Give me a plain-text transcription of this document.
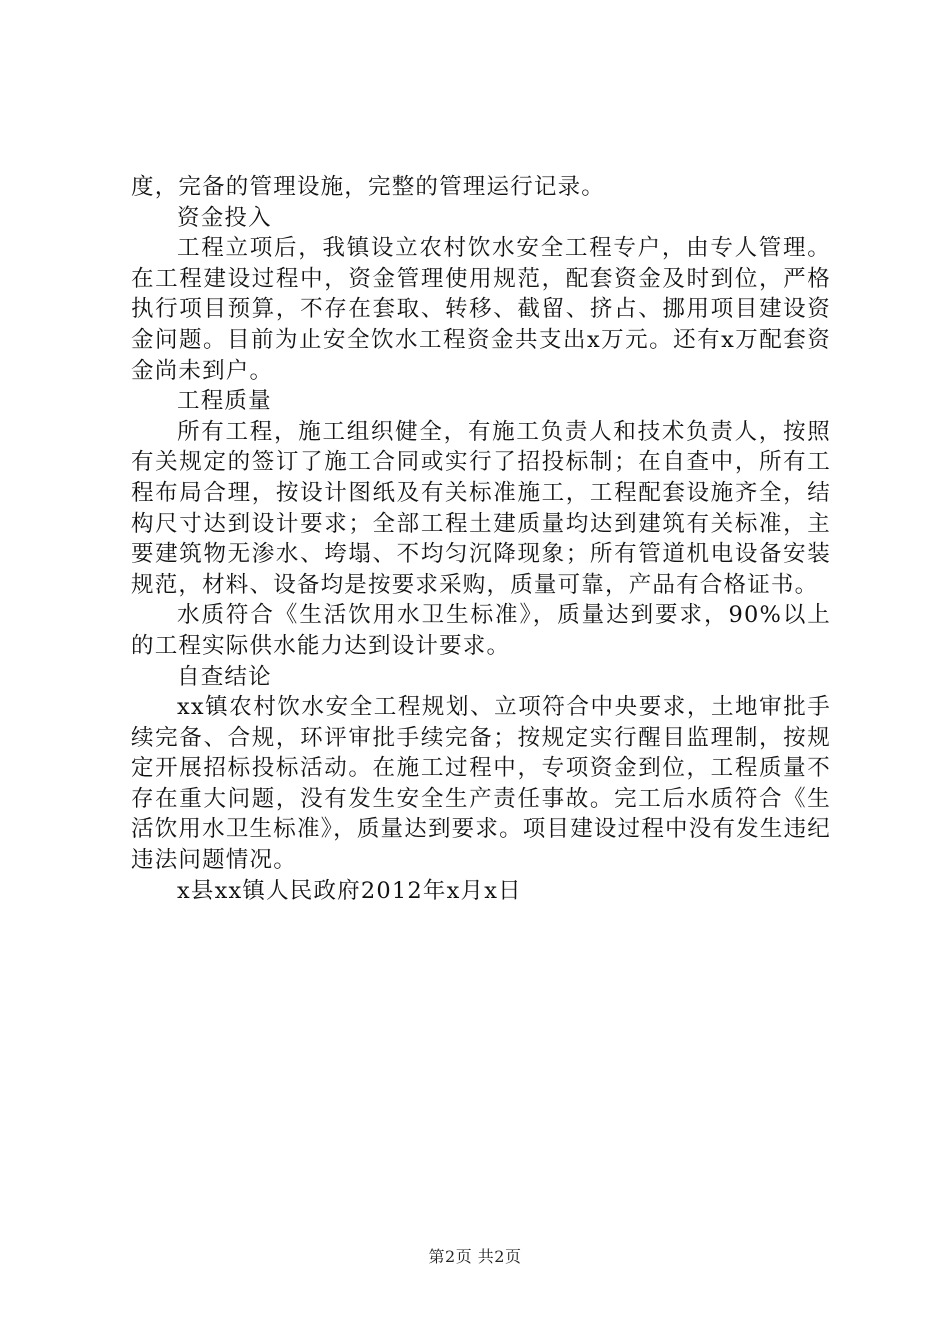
度，完备的管理设施，完整的管理运行记录。

资金投入

工程立项后，我镇设立农村饮水安全工程专户，由专人管理。在工程建设过程中，资金管理使用规范，配套资金及时到位，严格执行项目预算，不存在套取、转移、截留、挤占、挪用项目建设资金问题。目前为止安全饮水工程资金共支出x万元。还有x万配套资金尚未到户。

工程质量

所有工程，施工组织健全，有施工负责人和技术负责人，按照有关规定的签订了施工合同或实行了招投标制；在自查中，所有工程布局合理，按设计图纸及有关标准施工，工程配套设施齐全，结构尺寸达到设计要求；全部工程土建质量均达到建筑有关标准，主要建筑物无渗水、垮塌、不均匀沉降现象；所有管道机电设备安装规范，材料、设备均是按要求采购，质量可靠，产品有合格证书。

水质符合《生活饮用水卫生标准》，质量达到要求，90%以上的工程实际供水能力达到设计要求。

自查结论

xx镇农村饮水安全工程规划、立项符合中央要求，土地审批手续完备、合规，环评审批手续完备；按规定实行醒目监理制，按规定开展招标投标活动。在施工过程中，专项资金到位，工程质量不存在重大问题，没有发生安全生产责任事故。完工后水质符合《生活饮用水卫生标准》，质量达到要求。项目建设过程中没有发生违纪违法问题情况。

x县xx镇人民政府2012年x月x日

第2页 共2页
